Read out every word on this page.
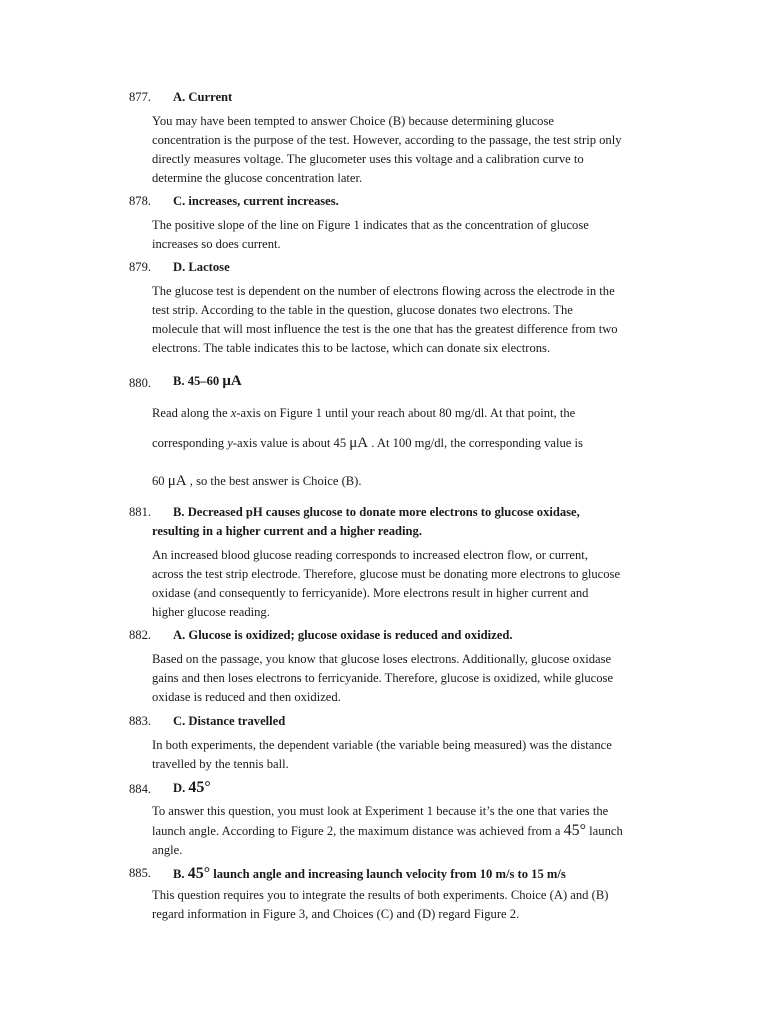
877. A. Current

You may have been tempted to answer Choice (B) because determining glucose
concentration is the purpose of the test. However, according to the passage, the test strip only
directly measures voltage. The glucometer uses this voltage and a calibration curve to
determine the glucose concentration later.

878. C. increases, current increases.

The positive slope of the line on Figure 1 indicates that as the concentration of glucose
increases so does current.

879. D. Lactose

The glucose test is dependent on the number of electrons flowing across the electrode in the
test strip. According to the table in the question, glucose donates two electrons. The
molecule that will most influence the test is the one that has the greatest difference from two
electrons. The table indicates this to be lactose, which can donate six electrons.

880. B. 45–60 μA

Read along the x-axis on Figure 1 until your reach about 80 mg/dl. At that point, the

corresponding y-axis value is about 45 μA . At 100 mg/dl, the corresponding value is

60 μA , so the best answer is Choice (B).

881. B. Decreased pH causes glucose to donate more electrons to glucose oxidase,
resulting in a higher current and a higher reading.

An increased blood glucose reading corresponds to increased electron flow, or current,
across the test strip electrode. Therefore, glucose must be donating more electrons to glucose
oxidase (and consequently to ferricyanide). More electrons result in higher current and
higher glucose reading.

882. A. Glucose is oxidized; glucose oxidase is reduced and oxidized.

Based on the passage, you know that glucose loses electrons. Additionally, glucose oxidase
gains and then loses electrons to ferricyanide. Therefore, glucose is oxidized, while glucose
oxidase is reduced and then oxidized.

883. C. Distance travelled

In both experiments, the dependent variable (the variable being measured) was the distance
travelled by the tennis ball.

884. D. 45°

To answer this question, you must look at Experiment 1 because it’s the one that varies the
launch angle. According to Figure 2, the maximum distance was achieved from a 45° launch
angle.

885. B. 45° launch angle and increasing launch velocity from 10 m/s to 15 m/s

This question requires you to integrate the results of both experiments. Choice (A) and (B)
regard information in Figure 3, and Choices (C) and (D) regard Figure 2.
